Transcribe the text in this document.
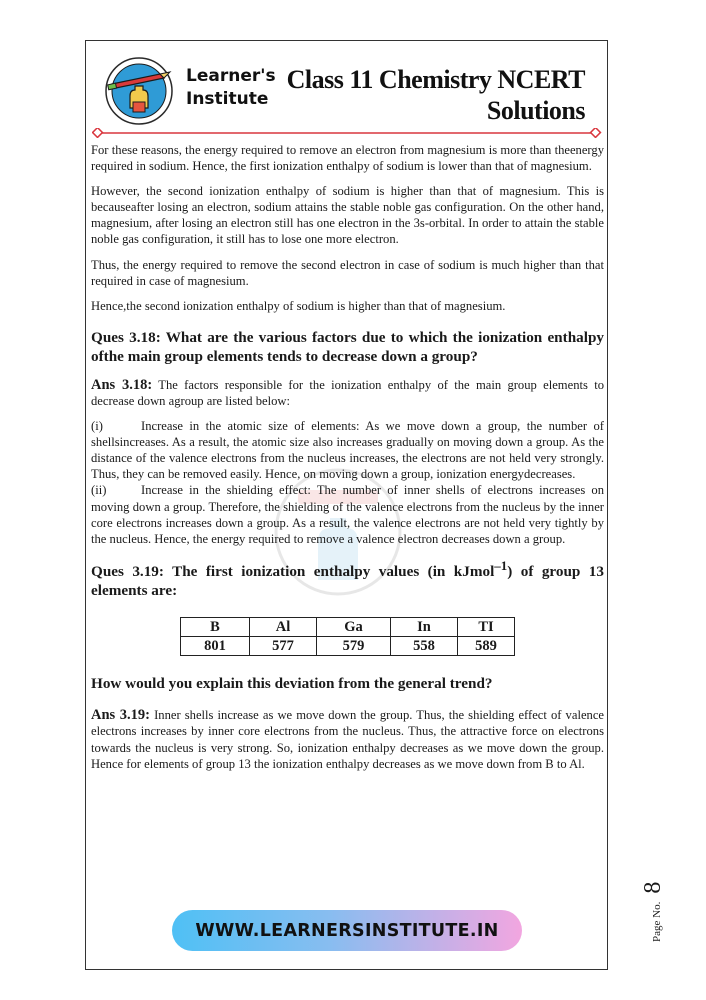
Learner's
Institute
Class 11 Chemistry NCERT
Solutions

For these reasons, the energy required to remove an electron from magnesium is more than theenergy required in sodium. Hence, the first ionization enthalpy of sodium is lower than that of magnesium.

However, the second ionization enthalpy of sodium is higher than that of magnesium. This is becauseafter losing an electron, sodium attains the stable noble gas configuration. On the other hand, magnesium, after losing an electron still has one electron in the 3s-orbital. In order to attain the stable noble gas configuration, it still has to lose one more electron.

Thus, the energy required to remove the second electron in case of sodium is much higher than that required in case of magnesium.

Hence,the second ionization enthalpy of sodium is higher than that of magnesium.

Ques 3.18: What are the various factors due to which the ionization enthalpy ofthe main group elements tends to decrease down a group?

Ans 3.18: The factors responsible for the ionization enthalpy of the main group elements to decrease down agroup are listed below:

(i)	Increase in the atomic size of elements: As we move down a group, the number of shellsincreases. As a result, the atomic size also increases gradually on moving down a group. As the distance of the valence electrons from the nucleus increases, the electrons are not held very strongly. Thus, they can be removed easily. Hence, on moving down a group, ionization energydecreases.

(ii)	Increase in the shielding effect: The number of inner shells of electrons increases on moving down a group. Therefore, the shielding of the valence electrons from the nucleus by the inner core electrons increases down a group. As a result, the valence electrons are not held very tightly by the nucleus. Hence, the energy required to remove a valence electron decreases down a group.

Ques 3.19: The first ionization enthalpy values (in kJmol$^{-1}$) of group 13 elements are:

B	Al	Ga	In	TI
801	577	579	558	589

How would you explain this deviation from the general trend?

Ans 3.19: Inner shells increase as we move down the group. Thus, the shielding effect of valence electrons increases by inner core electrons from the nucleus. Thus, the attractive force on electrons towards the nucleus is very strong. So, ionization enthalpy decreases as we move down the group. Hence for elements of group 13 the ionization enthalpy decreases as we move down from B to Al.

Page No. 8
WWW.LEARNERSINSTITUTE.IN
